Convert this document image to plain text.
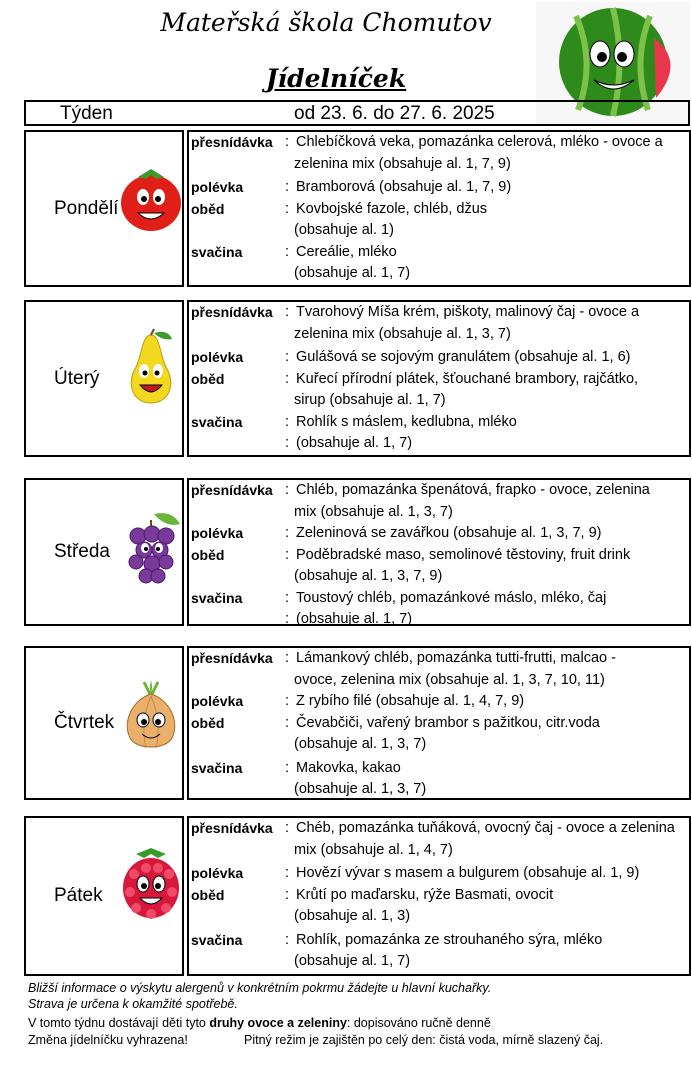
Mateřská škola Chomutov
Jídelníček
Týden	od 23. 6. do 27. 6. 2025
Pondělí
přesnídávka : Chlebíčková veka, pomazánka celerová, mléko - ovoce a
zelenina mix (obsahuje al. 1, 7, 9)
polévka	: Bramborová (obsahuje al. 1, 7, 9)
oběd	: Kovbojské fazole, chléb, džus
(obsahuje al. 1)
svačina	: Cereálie, mléko
(obsahuje al. 1, 7)
Úterý
přesnídávka : Tvarohový Míša krém, piškoty, malinový čaj - ovoce a
zelenina mix (obsahuje al. 1, 3, 7)
polévka	: Gulášová se sojovým granulátem (obsahuje al. 1, 6)
oběd	: Kuřecí přírodní plátek, šťouchané brambory, rajčátko,
sirup (obsahuje al. 1, 7)
svačina	: Rohlík s máslem, kedlubna, mléko
: (obsahuje al. 1, 7)
Středa
přesnídávka : Chléb, pomazánka špenátová, frapko - ovoce, zelenina
mix (obsahuje al. 1, 3, 7)
polévka	: Zeleninová se zavářkou (obsahuje al. 1, 3, 7, 9)
oběd	: Poděbradské maso, semolinové těstoviny, fruit drink
(obsahuje al. 1, 3, 7, 9)
svačina	: Toustový chléb, pomazánkové máslo, mléko, čaj
: (obsahuje al. 1, 7)
Čtvrtek
přesnídávka : Lámankový chléb, pomazánka tutti-frutti, malcao -
ovoce, zelenina mix (obsahuje al. 1, 3, 7, 10, 11)
polévka	: Z rybího filé (obsahuje al. 1, 4, 7, 9)
oběd	: Čevabčiči, vařený brambor s pažitkou, citr.voda
(obsahuje al. 1, 3, 7)
svačina	: Makovka, kakao
(obsahuje al. 1, 3, 7)
Pátek
přesnídávka : Chéb, pomazánka tuňáková, ovocný čaj - ovoce a zelenina
mix (obsahuje al. 1, 4, 7)
polévka	: Hovězí vývar s masem a bulgurem (obsahuje al. 1, 9)
oběd	: Krůtí po maďarsku, rýže Basmati, ovocit
(obsahuje al. 1, 3)
svačina	: Rohlík, pomazánka ze strouhaného sýra, mléko
(obsahuje al. 1, 7)
Bližší informace o výskytu alergenů v konkrétním pokrmu žádejte u hlavní kuchařky.
Strava je určena k okamžité spotřebě.
V tomto týdnu dostávají děti tyto druhy ovoce a zeleniny: dopisováno ručně denně
Změna jídelníčku vyhrazena!	Pitný režim je zajištěn po celý den: čistá voda, mírně slazený čaj.
